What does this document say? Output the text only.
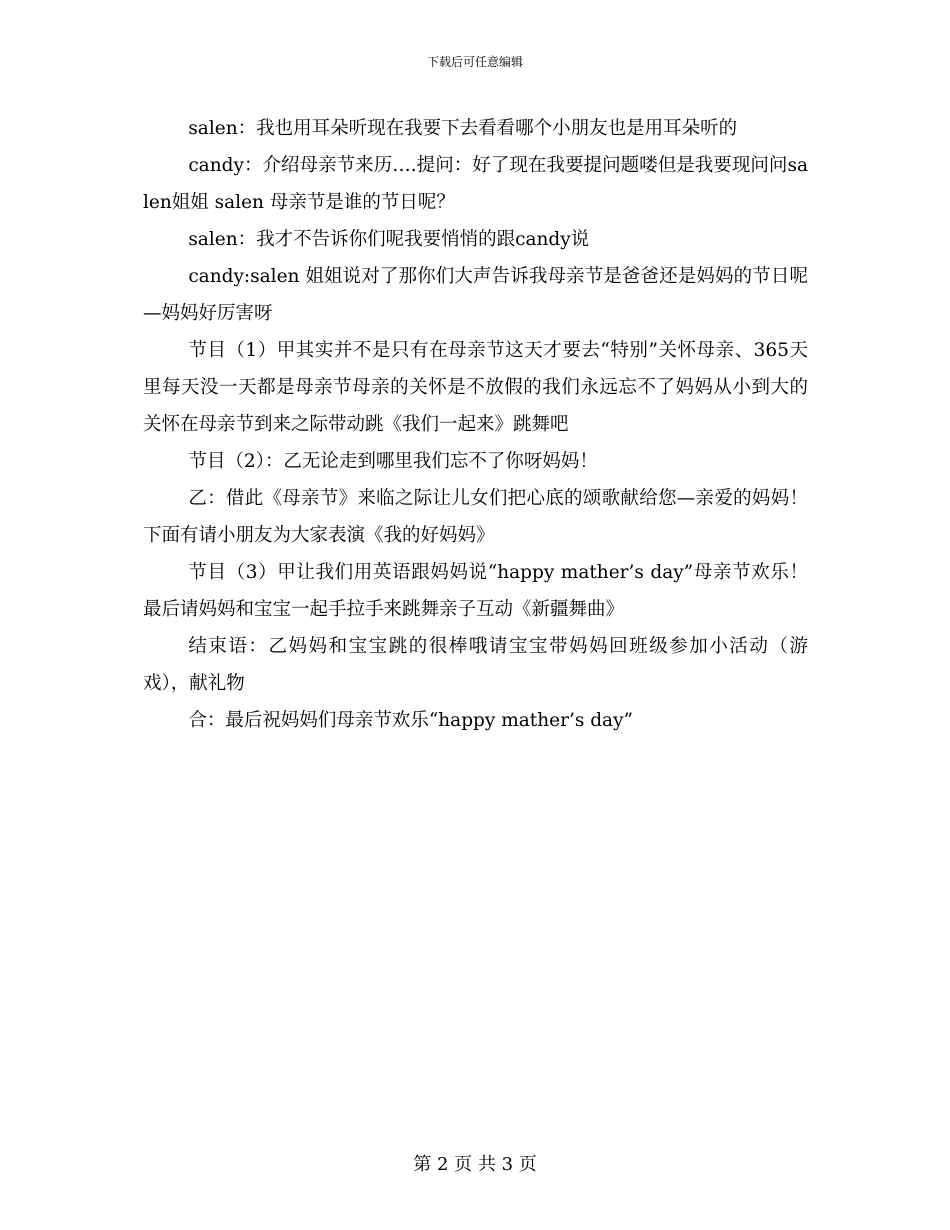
下载后可任意编辑

salen：我也用耳朵听现在我要下去看看哪个小朋友也是用耳朵听的

candy：介绍母亲节来历….提问：好了现在我要提问题喽但是我要现问问salen姐姐 salen 母亲节是谁的节日呢？

salen：我才不告诉你们呢我要悄悄的跟candy说

candy:salen 姐姐说对了那你们大声告诉我母亲节是爸爸还是妈妈的节日呢—妈妈好厉害呀

节目（1）甲其实并不是只有在母亲节这天才要去“特别”关怀母亲、365天里每天没一天都是母亲节母亲的关怀是不放假的我们永远忘不了妈妈从小到大的关怀在母亲节到来之际带动跳《我们一起来》跳舞吧

节目（2）：乙无论走到哪里我们忘不了你呀妈妈！

乙：借此《母亲节》来临之际让儿女们把心底的颂歌献给您—亲爱的妈妈！下面有请小朋友为大家表演《我的好妈妈》

节目（3）甲让我们用英语跟妈妈说“happy mather’s day”母亲节欢乐！最后请妈妈和宝宝一起手拉手来跳舞亲子互动《新疆舞曲》

结束语：乙妈妈和宝宝跳的很棒哦请宝宝带妈妈回班级参加小活动（游戏），献礼物

合：最后祝妈妈们母亲节欢乐“happy mather’s day”

第 2 页 共 3 页
